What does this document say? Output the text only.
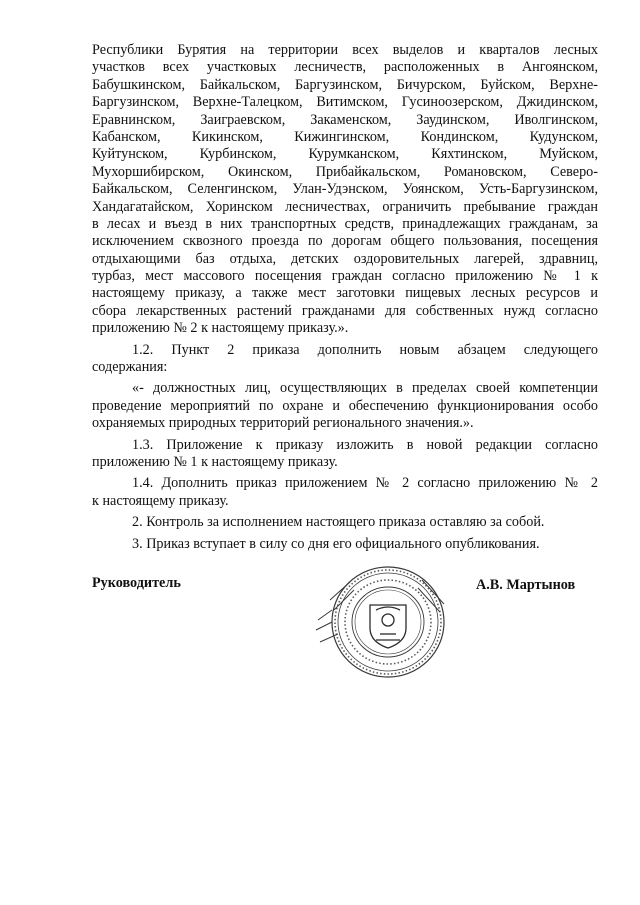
Республики Бурятия на территории всех выделов и кварталов лесных
участков всех участковых лесничеств, расположенных в Ангоянском,
Бабушкинском, Байкальском, Баргузинском, Бичурском, Буйском, Верхне-
Баргузинском, Верхне-Талецком, Витимском, Гусиноозерском, Джидинском,
Еравнинском, Заиграевском, Закаменском, Заудинском, Иволгинском,
Кабанском, Кикинском, Кижингинском, Кондинском, Кудунском,
Куйтунском, Курбинском, Курумканском, Кяхтинском, Муйском,
Мухоршибирском, Окинском, Прибайкальском, Романовском, Северо-
Байкальском, Селенгинском, Улан-Удэнском, Уоянском, Усть-Баргузинском,
Хандагатайском, Хоринском лесничествах, ограничить пребывание граждан
в лесах и въезд в них транспортных средств, принадлежащих гражданам, за
исключением сквозного проезда по дорогам общего пользования, посещения
отдыхающими баз отдыха, детских оздоровительных лагерей, здравниц,
турбаз, мест массового посещения граждан согласно приложению № 1 к
настоящему приказу, а также мест заготовки пищевых лесных ресурсов и
сбора лекарственных растений гражданами для собственных нужд согласно
приложению № 2 к настоящему приказу.».
1.2. Пункт 2 приказа дополнить новым абзацем следующего
содержания:
«- должностных лиц, осуществляющих в пределах своей компетенции
проведение мероприятий по охране и обеспечению функционирования особо
охраняемых природных территорий регионального значения.».
1.3. Приложение к приказу изложить в новой редакции согласно
приложению № 1 к настоящему приказу.
1.4. Дополнить приказ приложением № 2 согласно приложению № 2
к настоящему приказу.
2. Контроль за исполнением настоящего приказа оставляю за собой.
3. Приказ вступает в силу со дня его официального опубликования.
Руководитель	А.В. Мартынов
